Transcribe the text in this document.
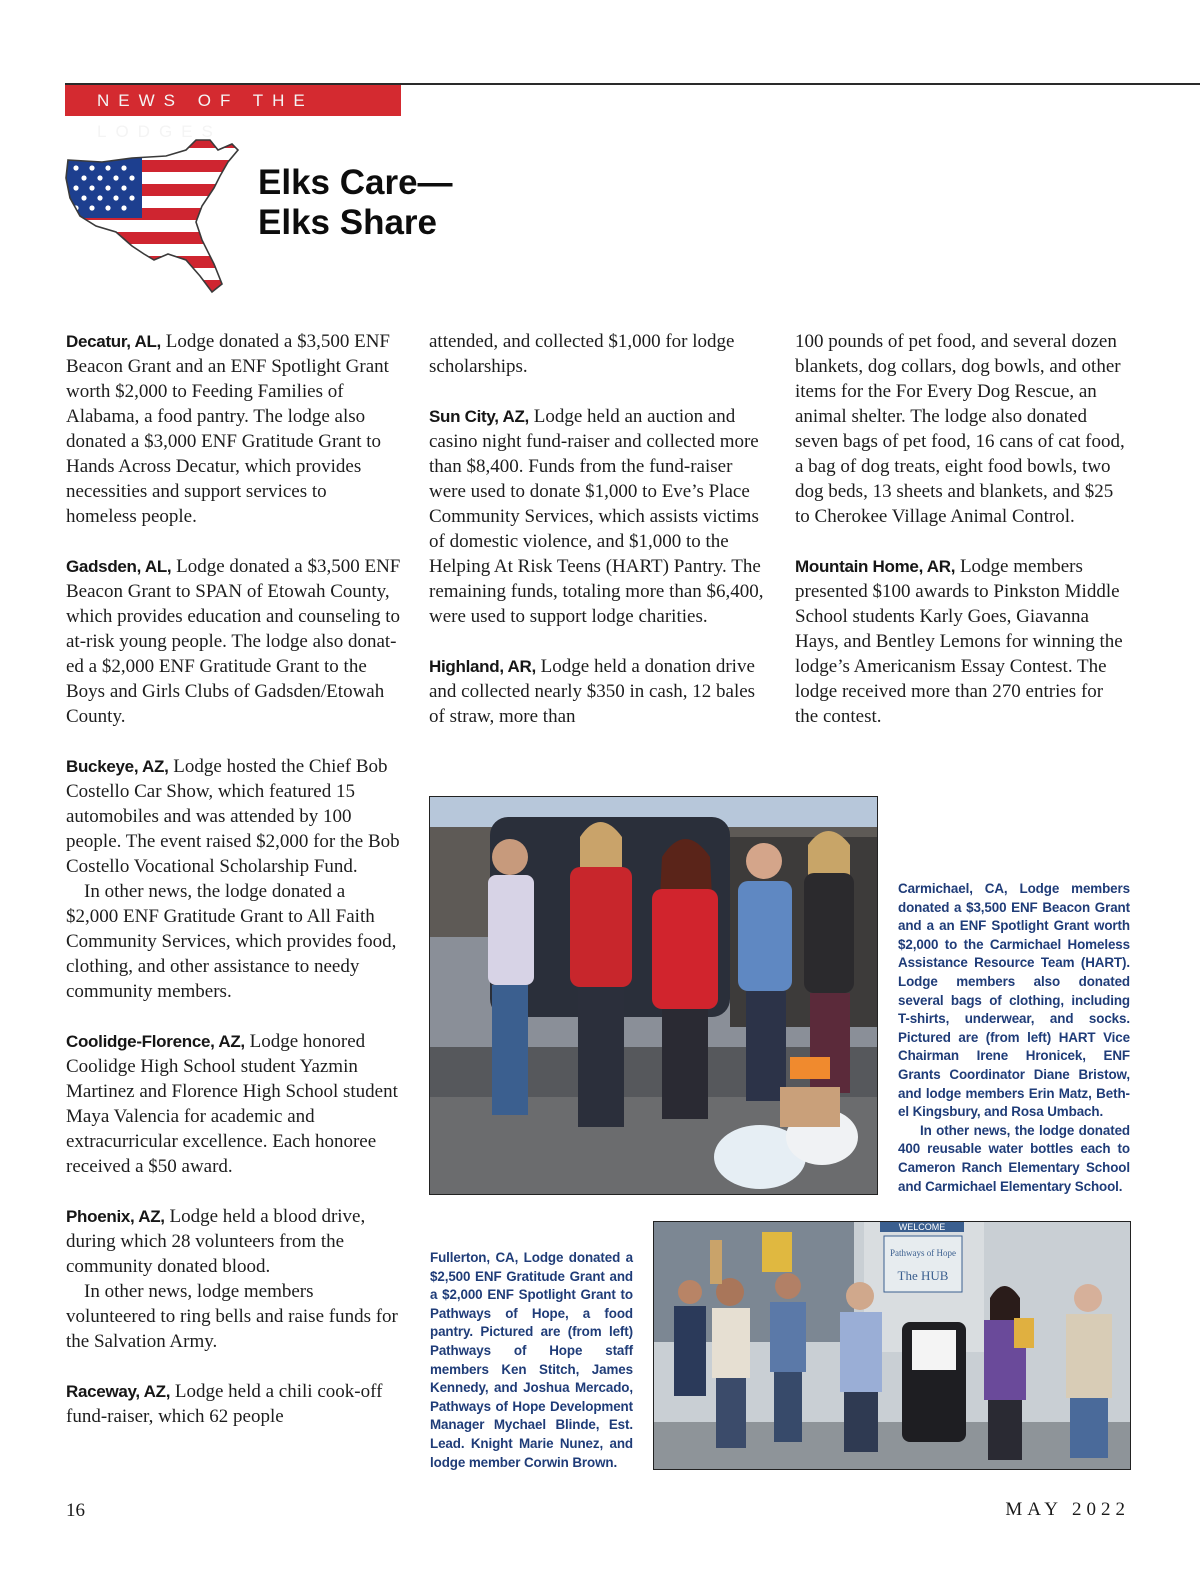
NEWS OF THE LODGES
Elks Care—
Elks Share

Decatur, AL, Lodge donated a $3,500 ENF Beacon Grant and an ENF Spotlight Grant worth $2,000 to Feeding Families of Alabama, a food pantry. The lodge also donated a $3,000 ENF Gratitude Grant to Hands Across Decatur, which provides necessities and support services to homeless people.

Gadsden, AL, Lodge donated a $3,500 ENF Beacon Grant to SPAN of Etowah County, which provides education and counseling to at-risk young people. The lodge also donated a $2,000 ENF Gratitude Grant to the Boys and Girls Clubs of Gadsden/Etowah County.

Buckeye, AZ, Lodge hosted the Chief Bob Costello Car Show, which featured 15 automobiles and was attended by 100 people. The event raised $2,000 for the Bob Costello Vocational Scholarship Fund.

In other news, the lodge donated a $2,000 ENF Gratitude Grant to All Faith Community Services, which provides food, clothing, and other assistance to needy community members.

Coolidge-Florence, AZ, Lodge honored Coolidge High School student Yazmin Martinez and Florence High School student Maya Valencia for academic and extracurricular excellence. Each honoree received a $50 award.

Phoenix, AZ, Lodge held a blood drive, during which 28 volunteers from the community donated blood.

In other news, lodge members volunteered to ring bells and raise funds for the Salvation Army.

Raceway, AZ, Lodge held a chili cook-off fund-raiser, which 62 people

attended, and collected $1,000 for lodge scholarships.

Sun City, AZ, Lodge held an auction and casino night fund-raiser and collected more than $8,400. Funds from the fund-raiser were used to donate $1,000 to Eve’s Place Community Services, which assists victims of domestic violence, and $1,000 to the Helping At Risk Teens (HART) Pantry. The remaining funds, totaling more than $6,400, were used to support lodge charities.

Highland, AR, Lodge held a donation drive and collected nearly $350 in cash, 12 bales of straw, more than

100 pounds of pet food, and several dozen blankets, dog collars, dog bowls, and other items for the For Every Dog Rescue, an animal shelter. The lodge also donated seven bags of pet food, 16 cans of cat food, a bag of dog treats, eight food bowls, two dog beds, 13 sheets and blankets, and $25 to Cherokee Village Animal Control.

Mountain Home, AR, Lodge members presented $100 awards to Pinkston Middle School students Karly Goes, Giavanna Hays, and Bentley Lemons for winning the lodge’s Americanism Essay Contest. The lodge received more than 270 entries for the contest.

Carmichael, CA, Lodge members donated a $3,500 ENF Beacon Grant and a an ENF Spotlight Grant worth $2,000 to the Carmichael Homeless Assistance Resource Team (HART). Lodge members also donated several bags of clothing, including T-shirts, underwear, and socks. Pictured are (from left) HART Vice Chairman Irene Hronicek, ENF Grants Coordinator Diane Bristow, and lodge members Erin Matz, Bethel Kingsbury, and Rosa Umbach.
In other news, the lodge donated 400 reusable water bottles each to Cameron Ranch Elementary School and Carmichael Elementary School.
Fullerton, CA, Lodge donated a $2,500 ENF Gratitude Grant and a $2,000 ENF Spotlight Grant to Pathways of Hope, a food pantry. Pictured are (from left) Pathways of Hope staff members Ken Stitch, James Kennedy, and Joshua Mercado, Pathways of Hope Development Manager Mychael Blinde, Est. Lead. Knight Marie Nunez, and lodge member Corwin Brown.
WELCOME
Pathways of Hope
The HUB
16	MAY 2022
